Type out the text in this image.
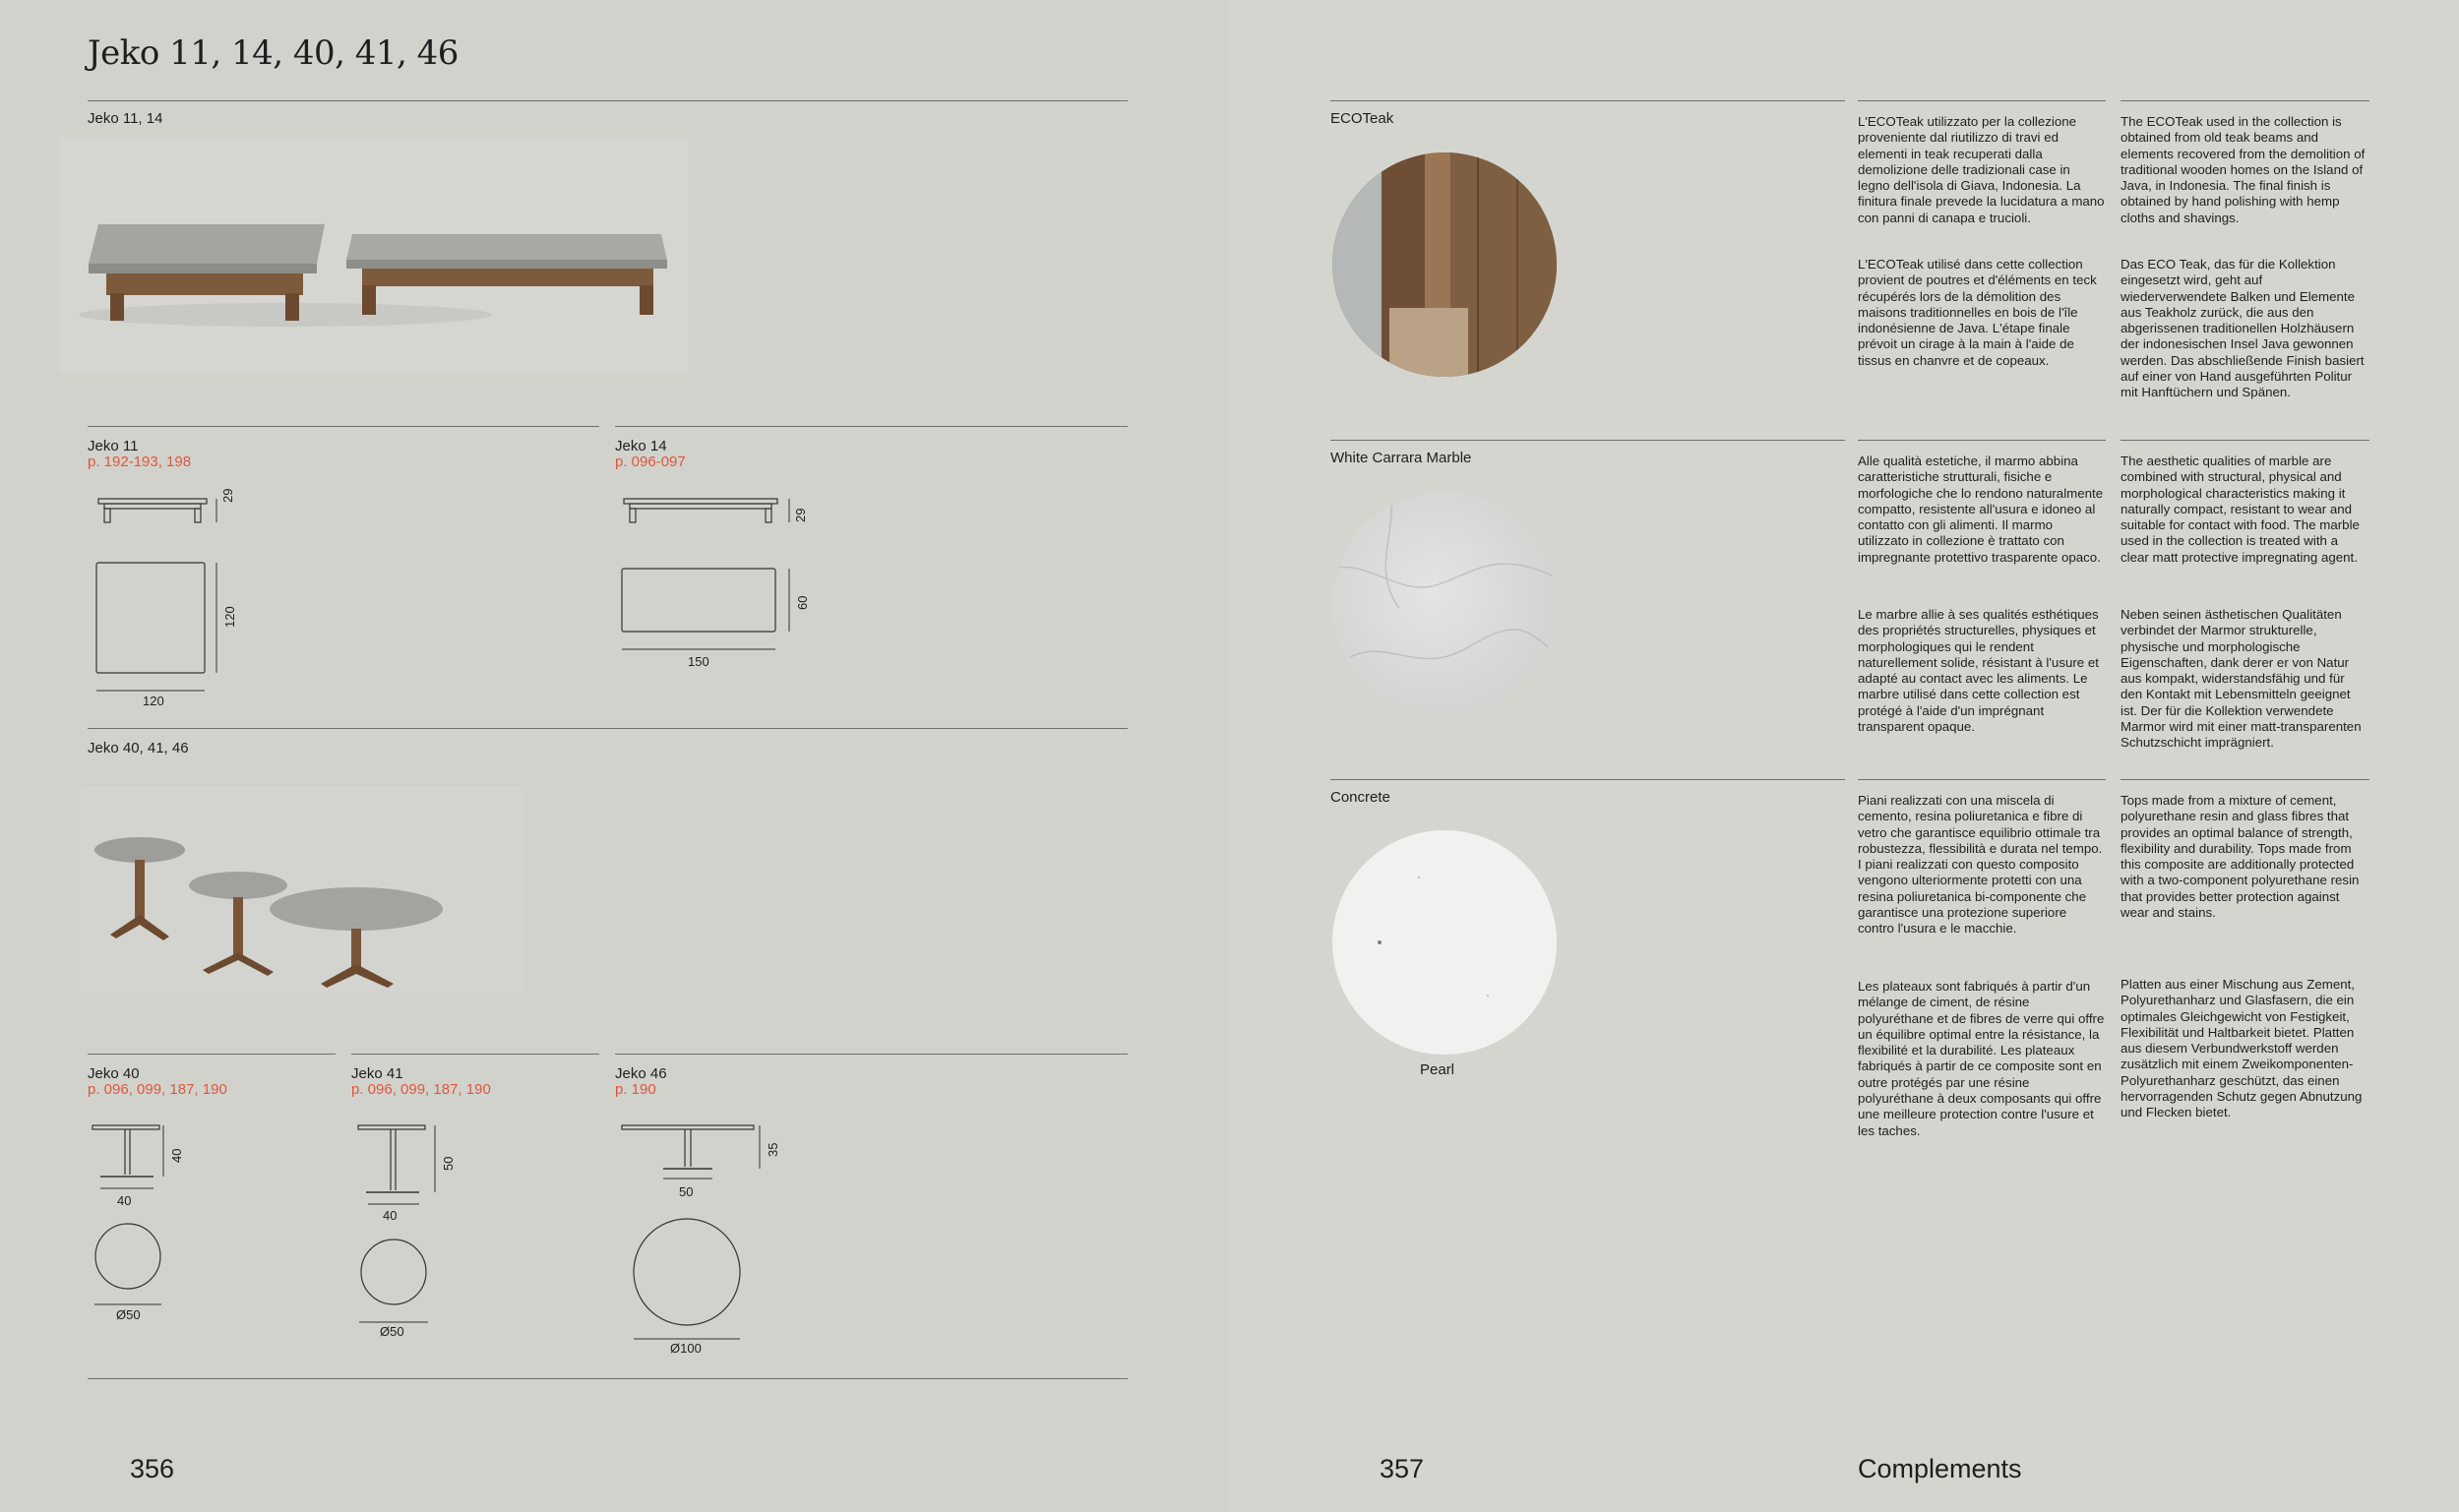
Jeko 11, 14, 40, 41, 46
Jeko 11, 14
Jeko 11
p. 192-193, 198
Jeko 14
p. 096-097
29
120
120
29
60
150
Jeko 40, 41, 46
Jeko 40
p. 096, 099, 187, 190
Jeko 41
p. 096, 099, 187, 190
Jeko 46
p. 190
40
40
Ø50
50
40
Ø50
35
50
Ø100
356
ECOTeak	L'ECOTeak utilizzato per la collezione proveniente dal riutilizzo di travi ed elementi in teak recuperati dalla demolizione delle tradizionali case in legno dell'isola di Giava, Indonesia. La finitura finale prevede la lucidatura a mano con panni di canapa e trucioli.
The ECOTeak used in the collection is obtained from old teak beams and elements recovered from the demolition of traditional wooden homes on the Island of Java, in Indonesia. The final finish is obtained by hand polishing with hemp cloths and shavings.
L'ECOTeak utilisé dans cette collection provient de poutres et d'éléments en teck récupérés lors de la démolition des maisons traditionnelles en bois de l'île indonésienne de Java. L'étape finale prévoit un cirage à la main à l'aide de tissus en chanvre et de copeaux.
Das ECO Teak, das für die Kollektion eingesetzt wird, geht auf wiederverwendete Balken und Elemente aus Teakholz zurück, die aus den abgerissenen traditionellen Holzhäusern der indonesischen Insel Java gewonnen werden. Das abschließende Finish basiert auf einer von Hand ausgeführten Politur mit Hanftüchern und Spänen.
White Carrara Marble	Alle qualità estetiche, il marmo abbina caratteristiche strutturali, fisiche e morfologiche che lo rendono naturalmente compatto, resistente all'usura e idoneo al contatto con gli alimenti. Il marmo utilizzato in collezione è trattato con impregnante protettivo trasparente opaco.
The aesthetic qualities of marble are combined with structural, physical and morphological characteristics making it naturally compact, resistant to wear and suitable for contact with food. The marble used in the collection is treated with a clear matt protective impregnating agent.
Le marbre allie à ses qualités esthétiques des propriétés structurelles, physiques et morphologiques qui le rendent naturellement solide, résistant à l'usure et adapté au contact avec les aliments. Le marbre utilisé dans cette collection est protégé à l'aide d'un imprégnant transparent opaque.
Neben seinen ästhetischen Qualitäten verbindet der Marmor strukturelle, physische und morphologische Eigenschaften, dank derer er von Natur aus kompakt, widerstandsfähig und für den Kontakt mit Lebensmitteln geeignet ist. Der für die Kollektion verwendete Marmor wird mit einer matt-transparenten Schutzschicht imprägniert.
Concrete
Pearl
Piani realizzati con una miscela di cemento, resina poliuretanica e fibre di vetro che garantisce equilibrio ottimale tra robustezza, flessibilità e durata nel tempo. I piani realizzati con questo composito vengono ulteriormente protetti con una resina poliuretanica bi-componente che garantisce una protezione superiore contro l'usura e le macchie.
Tops made from a mixture of cement, polyurethane resin and glass fibres that provides an optimal balance of strength, flexibility and durability. Tops made from this composite are additionally protected with a two-component polyurethane resin that provides better protection against wear and stains.
Les plateaux sont fabriqués à partir d'un mélange de ciment, de résine polyuréthane et de fibres de verre qui offre un équilibre optimal entre la résistance, la flexibilité et la durabilité. Les plateaux fabriqués à partir de ce composite sont en outre protégés par une résine polyuréthane à deux composants qui offre une meilleure protection contre l'usure et les taches.
Platten aus einer Mischung aus Zement, Polyurethanharz und Glasfasern, die ein optimales Gleichgewicht von Festigkeit, Flexibilität und Haltbarkeit bietet. Platten aus diesem Verbundwerkstoff werden zusätzlich mit einem Zweikomponenten-Polyurethanharz geschützt, das einen hervorragenden Schutz gegen Abnutzung und Flecken bietet.
357	Complements
